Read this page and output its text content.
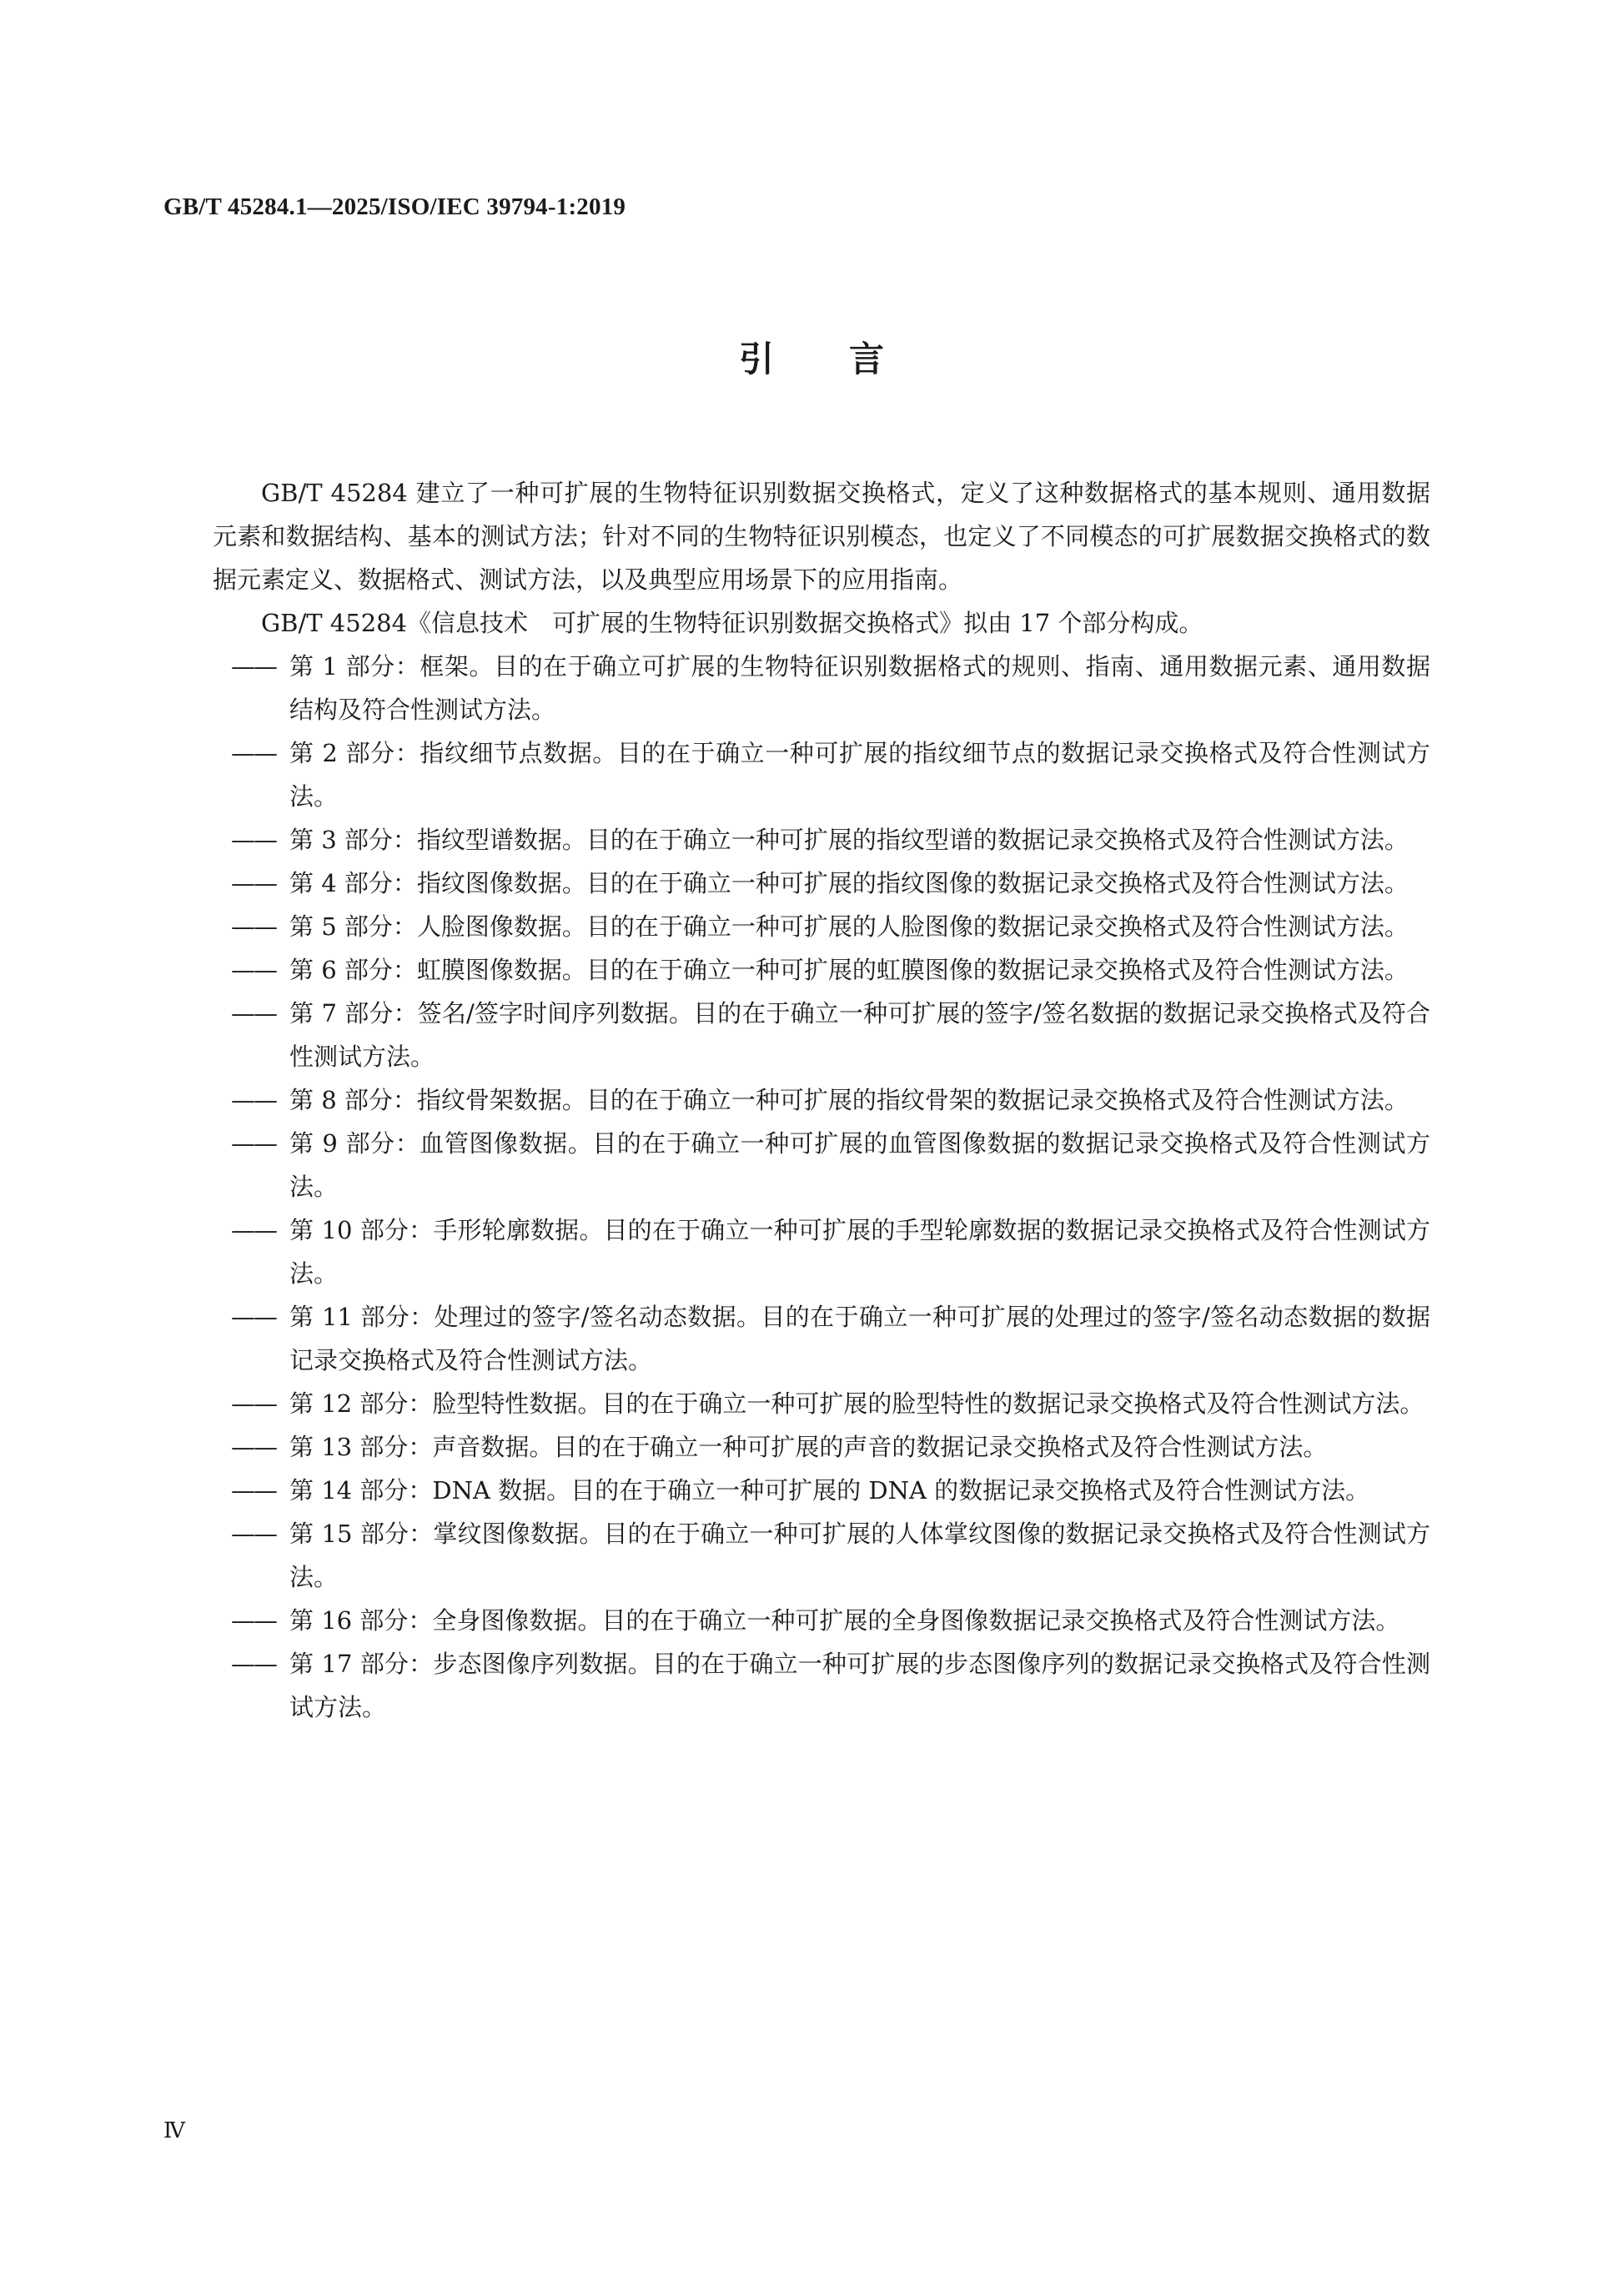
GB/T 45284.1—2025/ISO/IEC 39794-1:2019
引言

GB/T 45284 建立了一种可扩展的生物特征识别数据交换格式，定义了这种数据格式的基本规则、通用数据元素和数据结构、基本的测试方法；针对不同的生物特征识别模态，也定义了不同模态的可扩展数据交换格式的数据元素定义、数据格式、测试方法，以及典型应用场景下的应用指南。

GB/T 45284《信息技术　可扩展的生物特征识别数据交换格式》拟由 17 个部分构成。

—— 第 1 部分：框架。目的在于确立可扩展的生物特征识别数据格式的规则、指南、通用数据元素、通用数据结构及符合性测试方法。
—— 第 2 部分：指纹细节点数据。目的在于确立一种可扩展的指纹细节点的数据记录交换格式及符合性测试方法。
—— 第 3 部分：指纹型谱数据。目的在于确立一种可扩展的指纹型谱的数据记录交换格式及符合性测试方法。
—— 第 4 部分：指纹图像数据。目的在于确立一种可扩展的指纹图像的数据记录交换格式及符合性测试方法。
—— 第 5 部分：人脸图像数据。目的在于确立一种可扩展的人脸图像的数据记录交换格式及符合性测试方法。
—— 第 6 部分：虹膜图像数据。目的在于确立一种可扩展的虹膜图像的数据记录交换格式及符合性测试方法。
—— 第 7 部分：签名/签字时间序列数据。目的在于确立一种可扩展的签字/签名数据的数据记录交换格式及符合性测试方法。
—— 第 8 部分：指纹骨架数据。目的在于确立一种可扩展的指纹骨架的数据记录交换格式及符合性测试方法。
—— 第 9 部分：血管图像数据。目的在于确立一种可扩展的血管图像数据的数据记录交换格式及符合性测试方法。
—— 第 10 部分：手形轮廓数据。目的在于确立一种可扩展的手型轮廓数据的数据记录交换格式及符合性测试方法。
—— 第 11 部分：处理过的签字/签名动态数据。目的在于确立一种可扩展的处理过的签字/签名动态数据的数据记录交换格式及符合性测试方法。
—— 第 12 部分：脸型特性数据。目的在于确立一种可扩展的脸型特性的数据记录交换格式及符合性测试方法。
—— 第 13 部分：声音数据。目的在于确立一种可扩展的声音的数据记录交换格式及符合性测试方法。
—— 第 14 部分：DNA 数据。目的在于确立一种可扩展的 DNA 的数据记录交换格式及符合性测试方法。
—— 第 15 部分：掌纹图像数据。目的在于确立一种可扩展的人体掌纹图像的数据记录交换格式及符合性测试方法。
—— 第 16 部分：全身图像数据。目的在于确立一种可扩展的全身图像数据记录交换格式及符合性测试方法。
—— 第 17 部分：步态图像序列数据。目的在于确立一种可扩展的步态图像序列的数据记录交换格式及符合性测试方法。
Ⅳ
